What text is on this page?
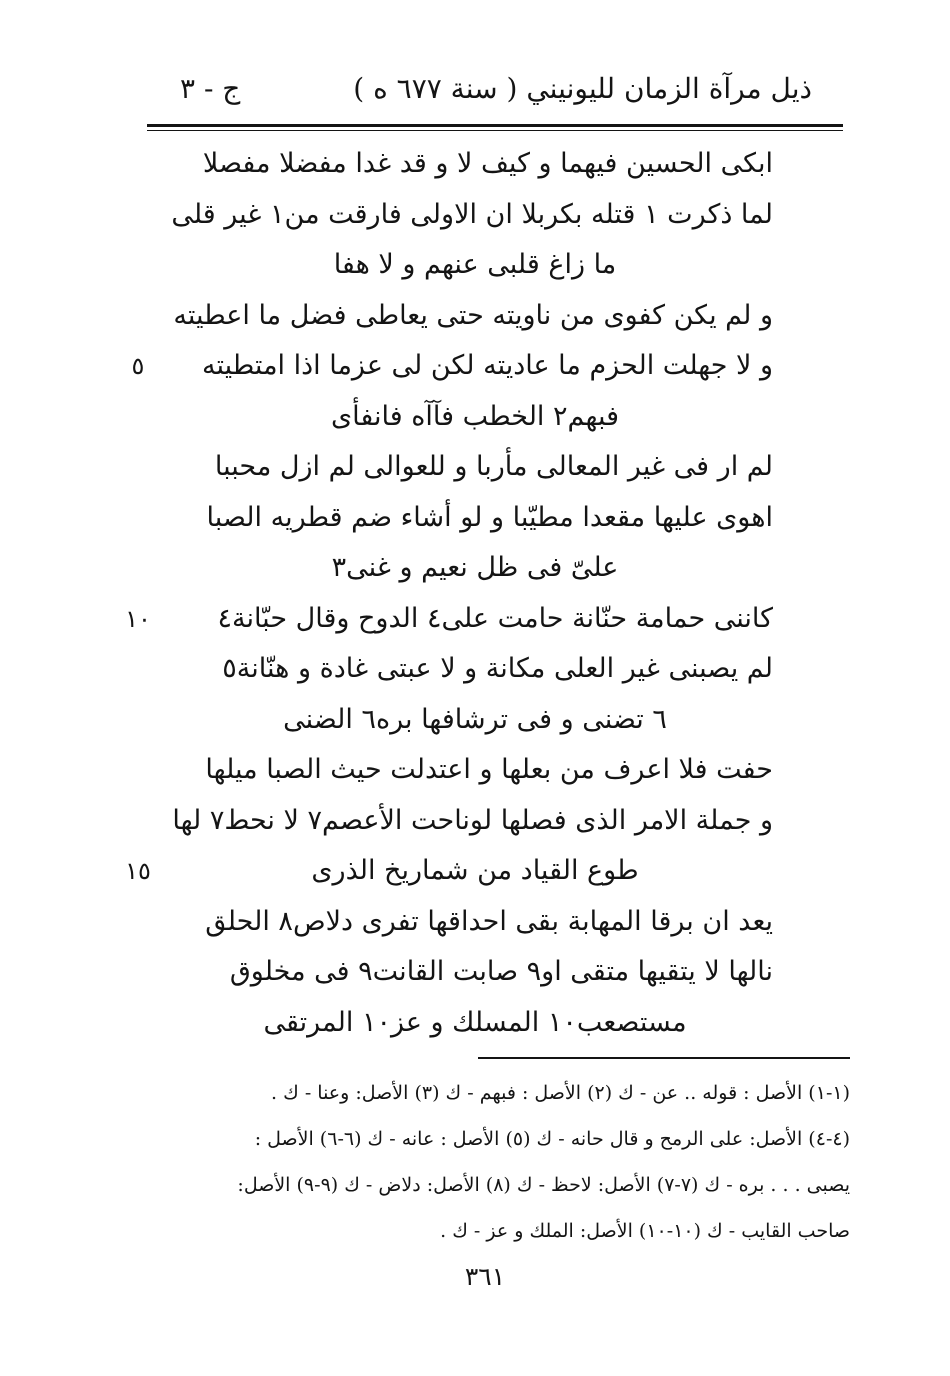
ذيل مرآة الزمان لليونيني ( سنة ٦٧٧ ه )
ج - ٣
ابكى الحسين فيهما و كيف لا و قد غدا مفضلا مفصلا
لما ذكرت ١ قتله بكربلا ان الاولى فارقت من١ غير قلى
ما زاغ قلبى عنهم و لا هفا
و لم يكن كفوى من ناويته حتى يعاطى فضل ما اعطيته
و لا جهلت الحزم ما عاديته لكن لى عزما اذا امتطيته
٥
فبهم٢ الخطب فآآه فانفأى
لم ار فى غير المعالى مأربا و للعوالى لم ازل محببا
اهوى عليها مقعدا مطيّبا و لو أشاء ضم قطريه الصبا
علىّ فى ظل نعيم و غنى٣
كاننى حمامة حنّانة حامت على٤ الدوح وقال حبّانة٤
١٠
لم يصبنى غير العلى مكانة و لا عبتى غادة و هنّانة٥
٦ تضنى و فى ترشافها بره٦ الضنى
حفت فلا اعرف من بعلها و اعتدلت حيث الصبا ميلها
و جملة الامر الذى فصلها لوناحت الأعصم٧ لا نحط٧ لها
طوع القياد من شماريخ الذرى
١٥
يعد ان برقا المهابة بقى احداقها تفرى دلاص٨ الحلق
نالها لا يتقيها متقى او٩ صابت القانت٩ فى مخلوق
مستصعب١٠ المسلك و عز١٠ المرتقى
(١-١) الأصل : قوله .. عن - ك (٢) الأصل : فبهم - ك (٣) الأصل: وعنا - ك .
(٤-٤) الأصل: على الرمح و قال حانه - ك (٥) الأصل : عانه - ك (٦-٦) الأصل :
يصبى . . . بره - ك (٧-٧) الأصل: لاحظ - ك (٨) الأصل: دلاض - ك (٩-٩) الأصل:
صاحب القايب - ك (١٠-١٠) الأصل: الملك و عز - ك .
٣٦١
